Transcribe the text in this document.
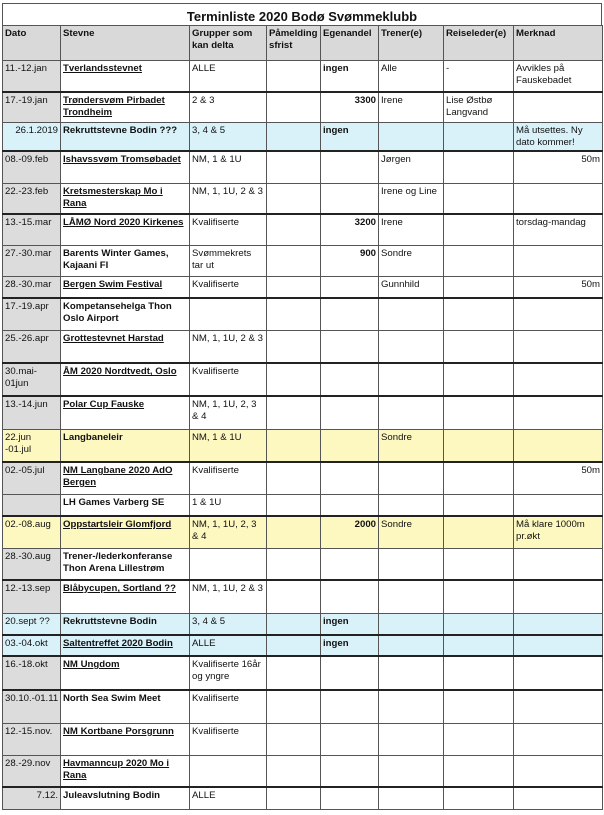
Terminliste 2020 Bodø Svømmeklubb
Dato	Stevne	Grupper som kan delta	Påmelding sfrist	Egenandel	Trener(e)	Reiseleder(e)	Merknad
11.-12.jan	Tverlandsstevnet	ALLE		ingen	Alle	-	Avvikles på Fauskebadet
17.-19.jan	Trøndersvøm Pirbadet Trondheim	2 & 3		3300	Irene	Lise Østbø Langvand	
26.1.2019	Rekruttstevne Bodin ???	3, 4 & 5		ingen			Må utsettes. Ny dato kommer!
08.-09.feb	Ishavssvøm Tromsøbadet	NM, 1 & 1U			Jørgen		50m
22.-23.feb	Kretsmesterskap Mo i Rana	NM, 1, 1U, 2 & 3			Irene og Line		
13.-15.mar	LÅMØ Nord 2020 Kirkenes	Kvalifiserte		3200	Irene		torsdag-mandag
27.-30.mar	Barents Winter Games, Kajaani FI	Svømmekrets tar ut		900	Sondre		
28.-30.mar	Bergen Swim Festival	Kvalifiserte			Gunnhild		50m
17.-19.apr	Kompetansehelga Thon Oslo Airport						
25.-26.apr	Grottestevnet Harstad	NM, 1, 1U, 2 & 3					
30.mai-01jun	ÅM 2020 Nordtvedt, Oslo	Kvalifiserte					
13.-14.jun	Polar Cup Fauske	NM, 1, 1U, 2, 3 & 4					
22.jun -01.jul	Langbaneleir	NM, 1 & 1U			Sondre		
02.-05.jul	NM Langbane 2020 AdO Bergen	Kvalifiserte					50m
	LH Games Varberg SE	1 & 1U					
02.-08.aug	Oppstartsleir Glomfjord	NM, 1, 1U, 2, 3 & 4		2000	Sondre		Må klare 1000m pr.økt
28.-30.aug	Trener-/lederkonferanse Thon Arena Lillestrøm						
12.-13.sep	Blåbycupen, Sortland ??	NM, 1, 1U, 2 & 3					
20.sept ??	Rekruttstevne Bodin	3, 4 & 5		ingen			
03.-04.okt	Saltentreffet 2020 Bodin	ALLE		ingen			
16.-18.okt	NM Ungdom	Kvalifiserte 16år og yngre					
30.10.-01.11	North Sea Swim Meet	Kvalifiserte					
12.-15.nov.	NM Kortbane Porsgrunn	Kvalifiserte					
28.-29.nov	Havmanncup 2020 Mo i Rana						
7.12.	Juleavslutning Bodin	ALLE					
